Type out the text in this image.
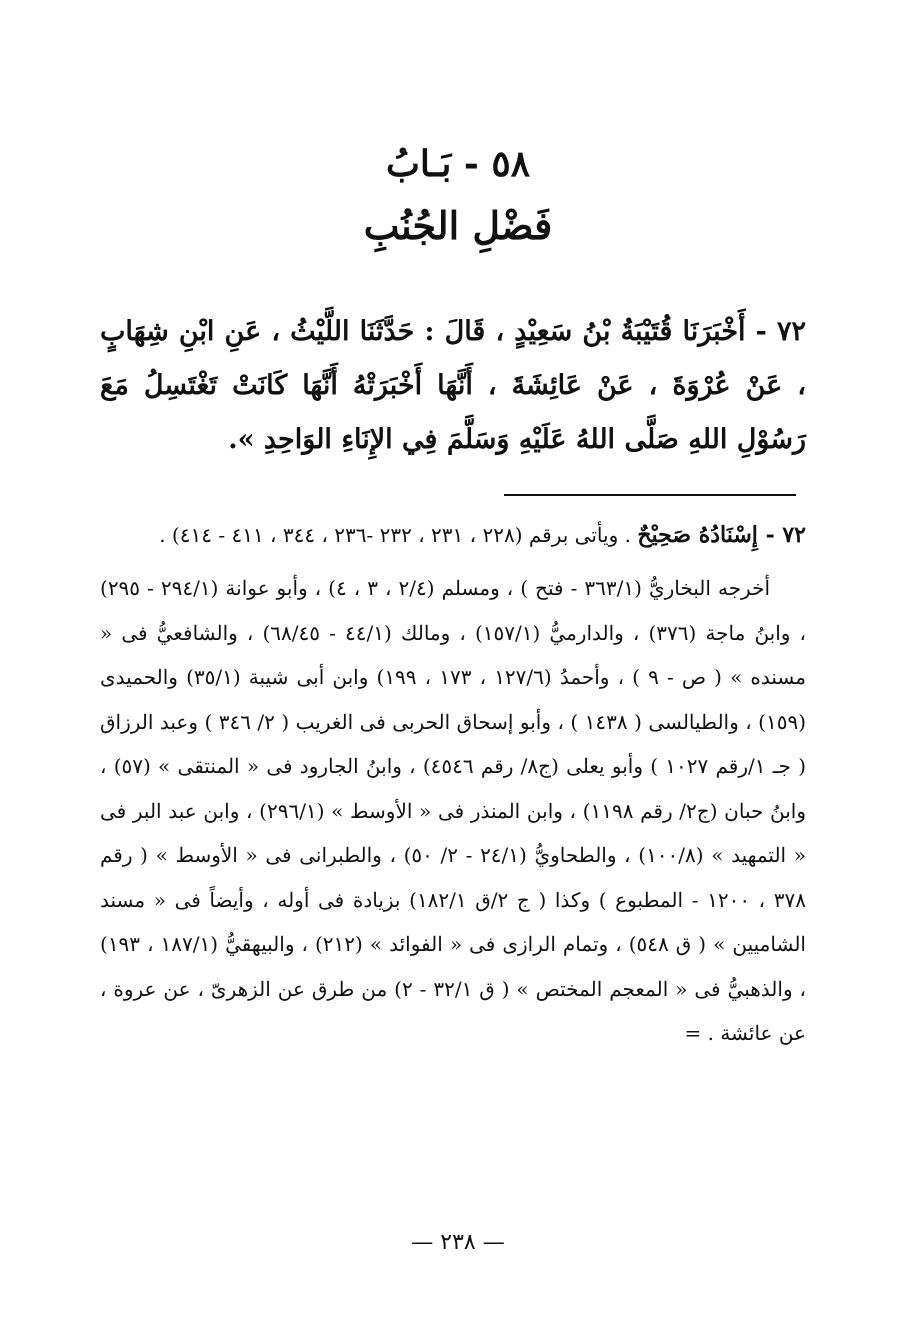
٥٨ - بَـابُ
فَضْلِ الجُنُبِ
٧٢ - أَخْبَرَنَا قُتَيْبَةُ بْنُ سَعِيْدٍ ، قَالَ : حَدَّثَنَا اللَّيْثُ ، عَنِ ابْنِ شِهَابٍ ، عَنْ عُرْوَةَ ، عَنْ عَائِشَةَ ، أَنَّهَا أَخْبَرَتْهُ أَنَّهَا كَانَتْ تَغْتَسِلُ مَعَ رَسُوْلِ اللهِ صَلَّى اللهُ عَلَيْهِ وَسَلَّمَ فِي الإِنَاءِ الوَاحِدِ ».

٧٢ - إِسْنَادُهُ صَحِيْحٌ . ويأتى برقم (٢٢٨ ، ٢٣١ ، ٢٣٢ -٢٣٦ ، ٣٤٤ ، ٤١١ - ٤١٤) .

أخرجه البخاريُّ (٣٦٣/١ - فتح ) ، ومسلم (٢/٤ ، ٣ ، ٤) ، وأبو عوانة (٢٩٤/١ - ٢٩٥) ، وابنُ ماجة (٣٧٦) ، والدارميُّ (١٥٧/١) ، ومالك (٤٤/١ - ٦٨/٤٥) ، والشافعيُّ فى « مسنده » ( ص - ٩ ) ، وأحمدُ (١٢٧/٦ ، ١٧٣ ، ١٩٩) وابن أبى شيبة (٣٥/١) والحميدى (١٥٩) ، والطيالسى ( ١٤٣٨ ) ، وأبو إسحاق الحربى فى الغريب ( ٢/ ٣٤٦ ) وعبد الرزاق ( جـ ١/رقم ١٠٢٧ ) وأبو يعلى (ج٨/ رقم ٤٥٤٦) ، وابنُ الجارود فى « المنتقى » (٥٧) ، وابنُ حبان (ج٢/ رقم ١١٩٨) ، وابن المنذر فى « الأوسط » (٢٩٦/١) ، وابن عبد البر فى « التمهيد » (١٠٠/٨) ، والطحاويُّ (٢٤/١ - ٢/ ٥٠) ، والطبرانى فى « الأوسط » ( رقم ٣٧٨ ، ١٢٠٠ - المطبوع ) وكذا ( ج ٢/ق ١٨٢/١) بزيادة فى أوله ، وأيضاً فى « مسند الشاميين » ( ق ٥٤٨) ، وتمام الرازى فى « الفوائد » (٢١٢) ، والبيهقيُّ (١٨٧/١ ، ١٩٣) ، والذهبيُّ فى « المعجم المختص » ( ق ٣٢/١ - ٢) من طرق عن الزهرىّ ، عن عروة ، عن عائشة . =

— ٢٣٨ —
